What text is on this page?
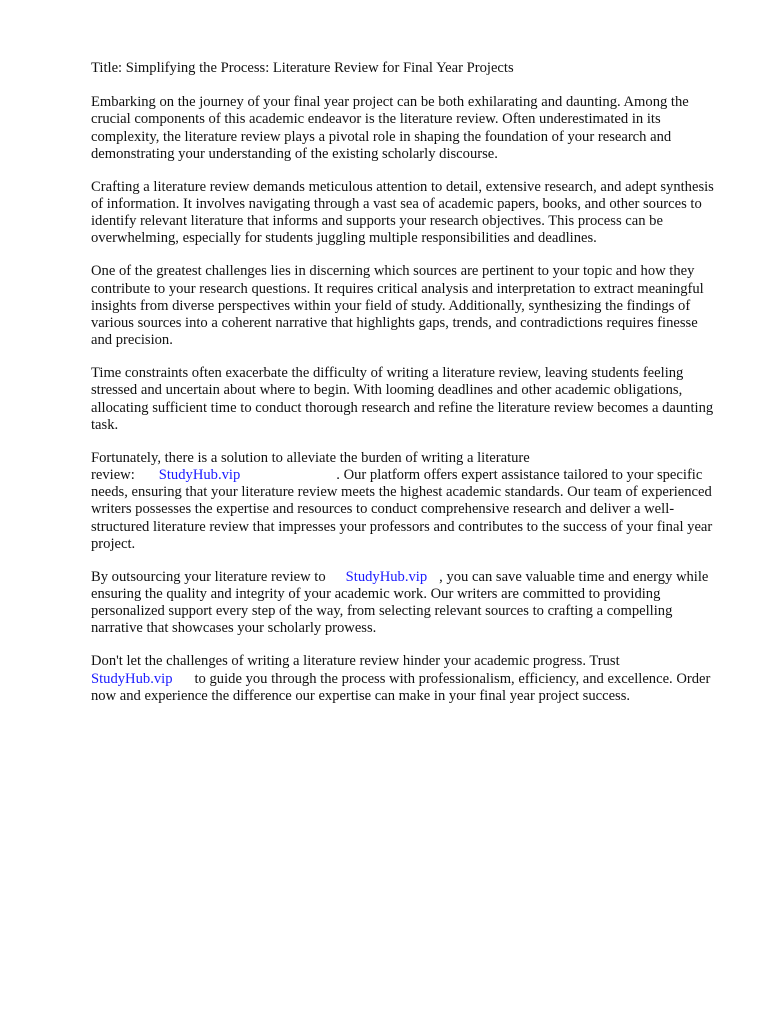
Title: Simplifying the Process: Literature Review for Final Year Projects

Embarking on the journey of your final year project can be both exhilarating and daunting. Among the crucial components of this academic endeavor is the literature review. Often underestimated in its complexity, the literature review plays a pivotal role in shaping the foundation of your research and demonstrating your understanding of the existing scholarly discourse.

Crafting a literature review demands meticulous attention to detail, extensive research, and adept synthesis of information. It involves navigating through a vast sea of academic papers, books, and other sources to identify relevant literature that informs and supports your research objectives. This process can be overwhelming, especially for students juggling multiple responsibilities and deadlines.

One of the greatest challenges lies in discerning which sources are pertinent to your topic and how they contribute to your research questions. It requires critical analysis and interpretation to extract meaningful insights from diverse perspectives within your field of study. Additionally, synthesizing the findings of various sources into a coherent narrative that highlights gaps, trends, and contradictions requires finesse and precision.

Time constraints often exacerbate the difficulty of writing a literature review, leaving students feeling stressed and uncertain about where to begin. With looming deadlines and other academic obligations, allocating sufficient time to conduct thorough research and refine the literature review becomes a daunting task.

Fortunately, there is a solution to alleviate the burden of writing a literature review: StudyHub.vip	. Our platform offers expert assistance tailored to your specific needs, ensuring that your literature review meets the highest academic standards. Our team of experienced writers possesses the expertise and resources to conduct comprehensive research and deliver a well-structured literature review that impresses your professors and contributes to the success of your final year project.

By outsourcing your literature review to StudyHub.vip , you can save valuable time and energy while ensuring the quality and integrity of your academic work. Our writers are committed to providing personalized support every step of the way, from selecting relevant sources to crafting a compelling narrative that showcases your scholarly prowess.

Don't let the challenges of writing a literature review hinder your academic progress. Trust StudyHub.vip to guide you through the process with professionalism, efficiency, and excellence. Order now and experience the difference our expertise can make in your final year project success.
